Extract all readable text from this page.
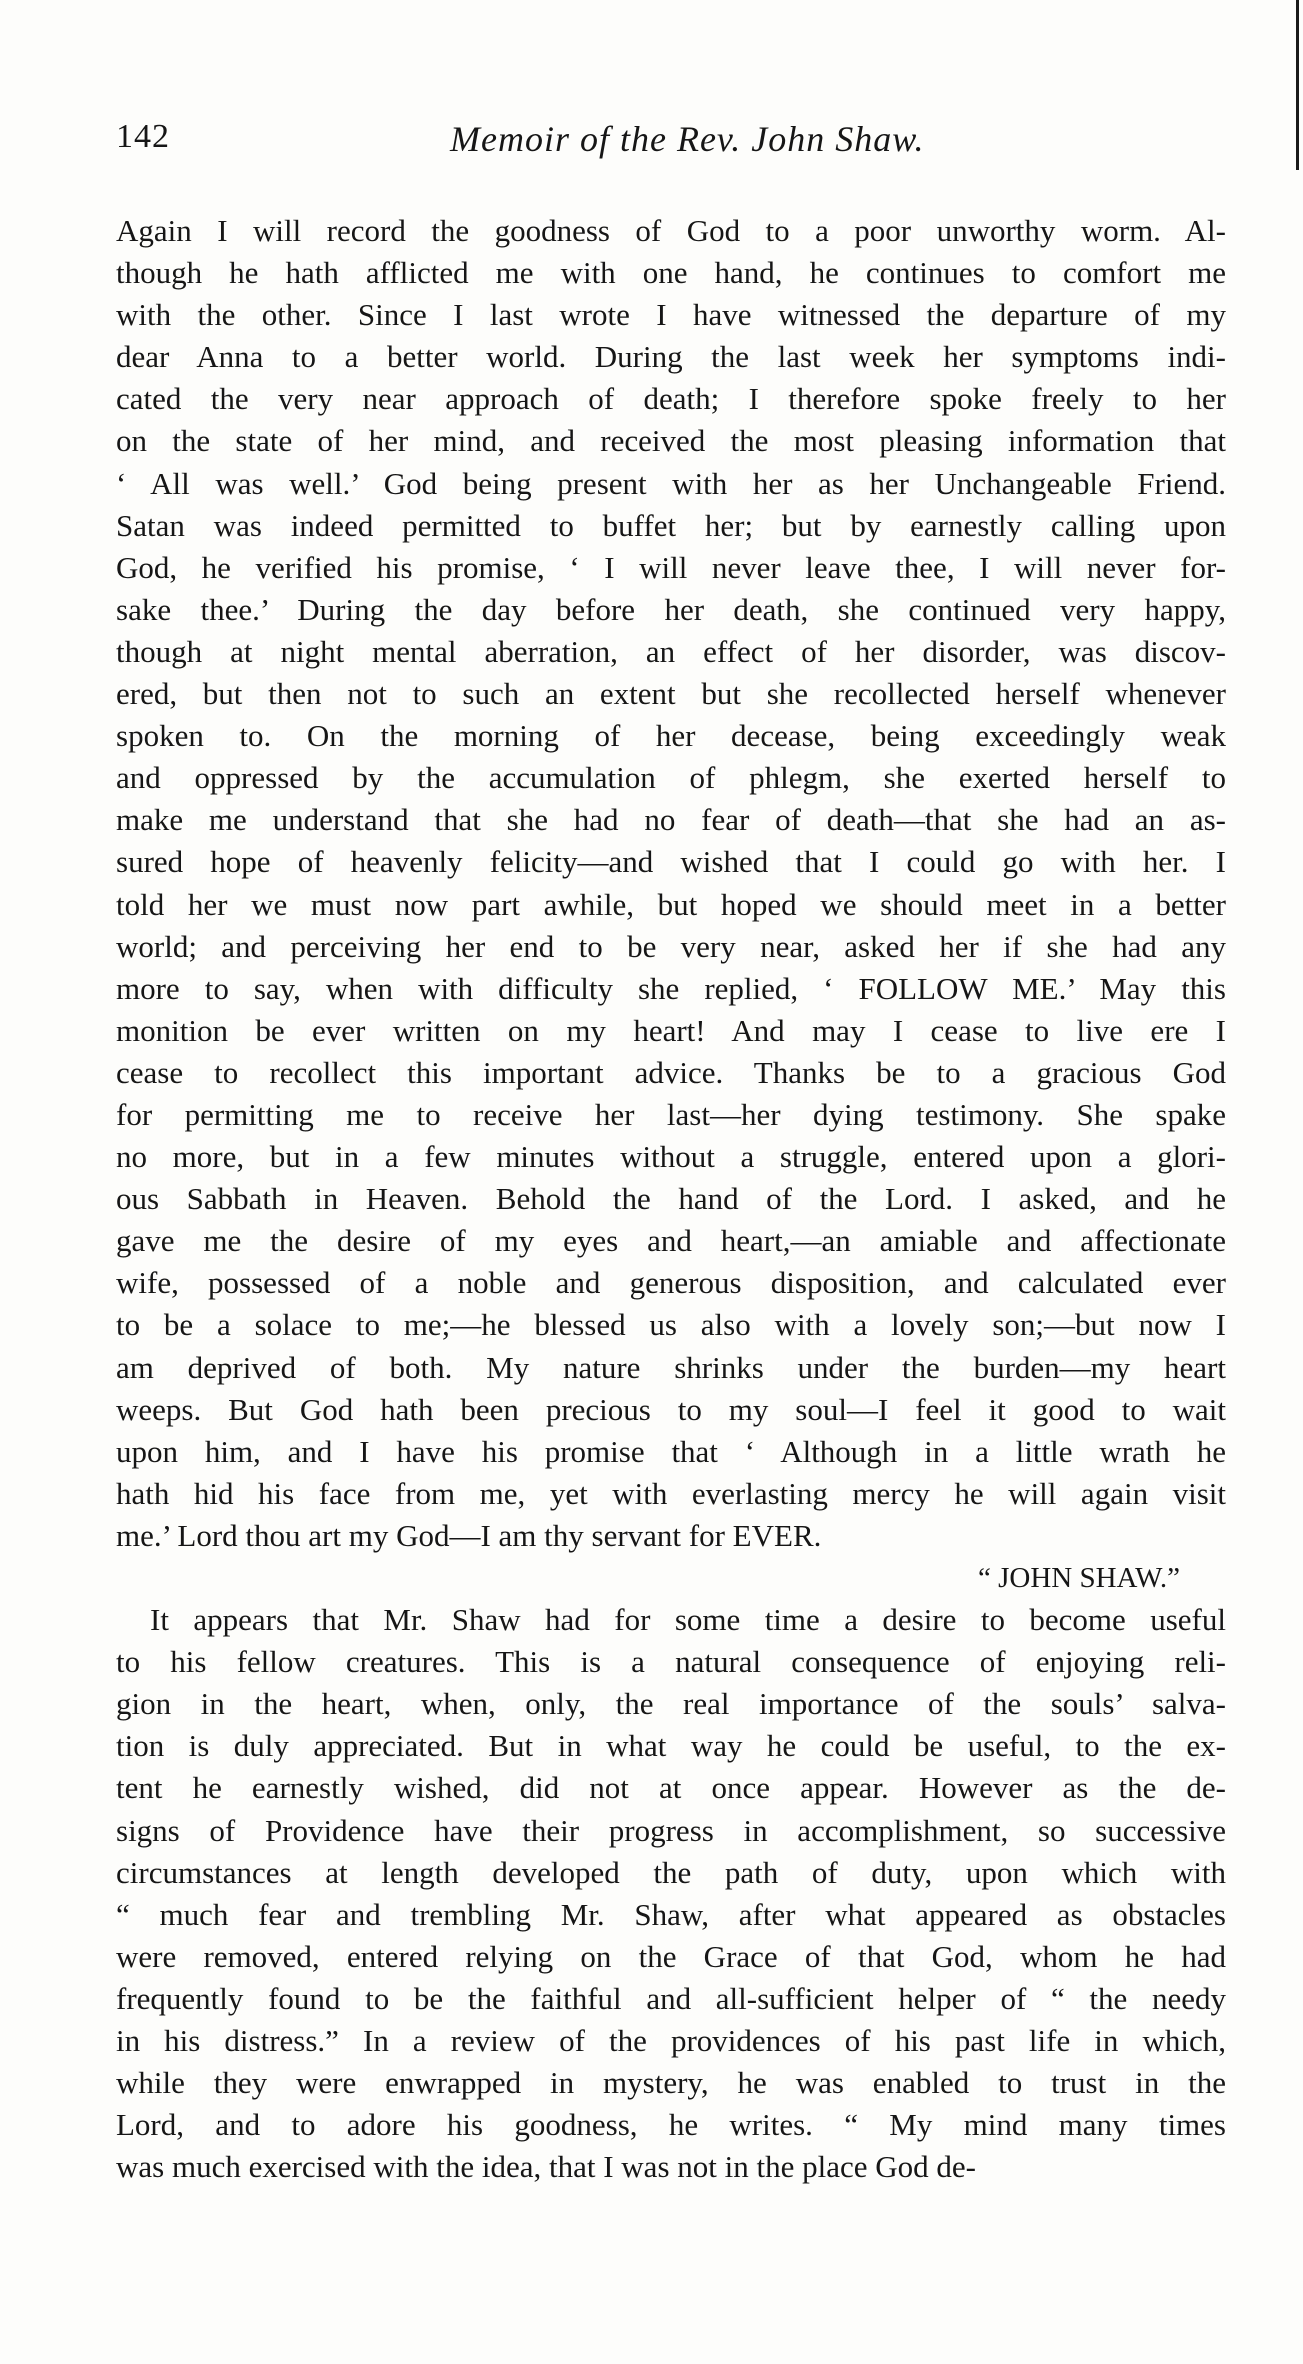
142	Memoir of the Rev. John Shaw.
Again I will record the goodness of God to a poor unworthy worm. Al-
though he hath afflicted me with one hand, he continues to comfort me
with the other. Since I last wrote I have witnessed the departure of my
dear Anna to a better world. During the last week her symptoms indi-
cated the very near approach of death; I therefore spoke freely to her
on the state of her mind, and received the most pleasing information that
‘ All was well.’ God being present with her as her Unchangeable Friend.
Satan was indeed permitted to buffet her; but by earnestly calling upon
God, he verified his promise, ‘ I will never leave thee, I will never for-
sake thee.’ During the day before her death, she continued very happy,
though at night mental aberration, an effect of her disorder, was discov-
ered, but then not to such an extent but she recollected herself whenever
spoken to. On the morning of her decease, being exceedingly weak
and oppressed by the accumulation of phlegm, she exerted herself to
make me understand that she had no fear of death—that she had an as-
sured hope of heavenly felicity—and wished that I could go with her. I
told her we must now part awhile, but hoped we should meet in a better
world; and perceiving her end to be very near, asked her if she had any
more to say, when with difficulty she replied, ‘ FOLLOW ME.’ May this
monition be ever written on my heart! And may I cease to live ere I
cease to recollect this important advice. Thanks be to a gracious God
for permitting me to receive her last—her dying testimony. She spake
no more, but in a few minutes without a struggle, entered upon a glori-
ous Sabbath in Heaven. Behold the hand of the Lord. I asked, and he
gave me the desire of my eyes and heart,—an amiable and affectionate
wife, possessed of a noble and generous disposition, and calculated ever
to be a solace to me;—he blessed us also with a lovely son;—but now I
am deprived of both. My nature shrinks under the burden—my heart
weeps. But God hath been precious to my soul—I feel it good to wait
upon him, and I have his promise that ‘ Although in a little wrath he
hath hid his face from me, yet with everlasting mercy he will again visit
me.’ Lord thou art my God—I am thy servant for EVER.
“ JOHN SHAW.”
It appears that Mr. Shaw had for some time a desire to become useful
to his fellow creatures. This is a natural consequence of enjoying reli-
gion in the heart, when, only, the real importance of the souls’ salva-
tion is duly appreciated. But in what way he could be useful, to the ex-
tent he earnestly wished, did not at once appear. However as the de-
signs of Providence have their progress in accomplishment, so successive
circumstances at length developed the path of duty, upon which with
“ much fear and trembling Mr. Shaw, after what appeared as obstacles
were removed, entered relying on the Grace of that God, whom he had
frequently found to be the faithful and all-sufficient helper of “ the needy
in his distress.” In a review of the providences of his past life in which,
while they were enwrapped in mystery, he was enabled to trust in the
Lord, and to adore his goodness, he writes. “ My mind many times
was much exercised with the idea, that I was not in the place God de-
